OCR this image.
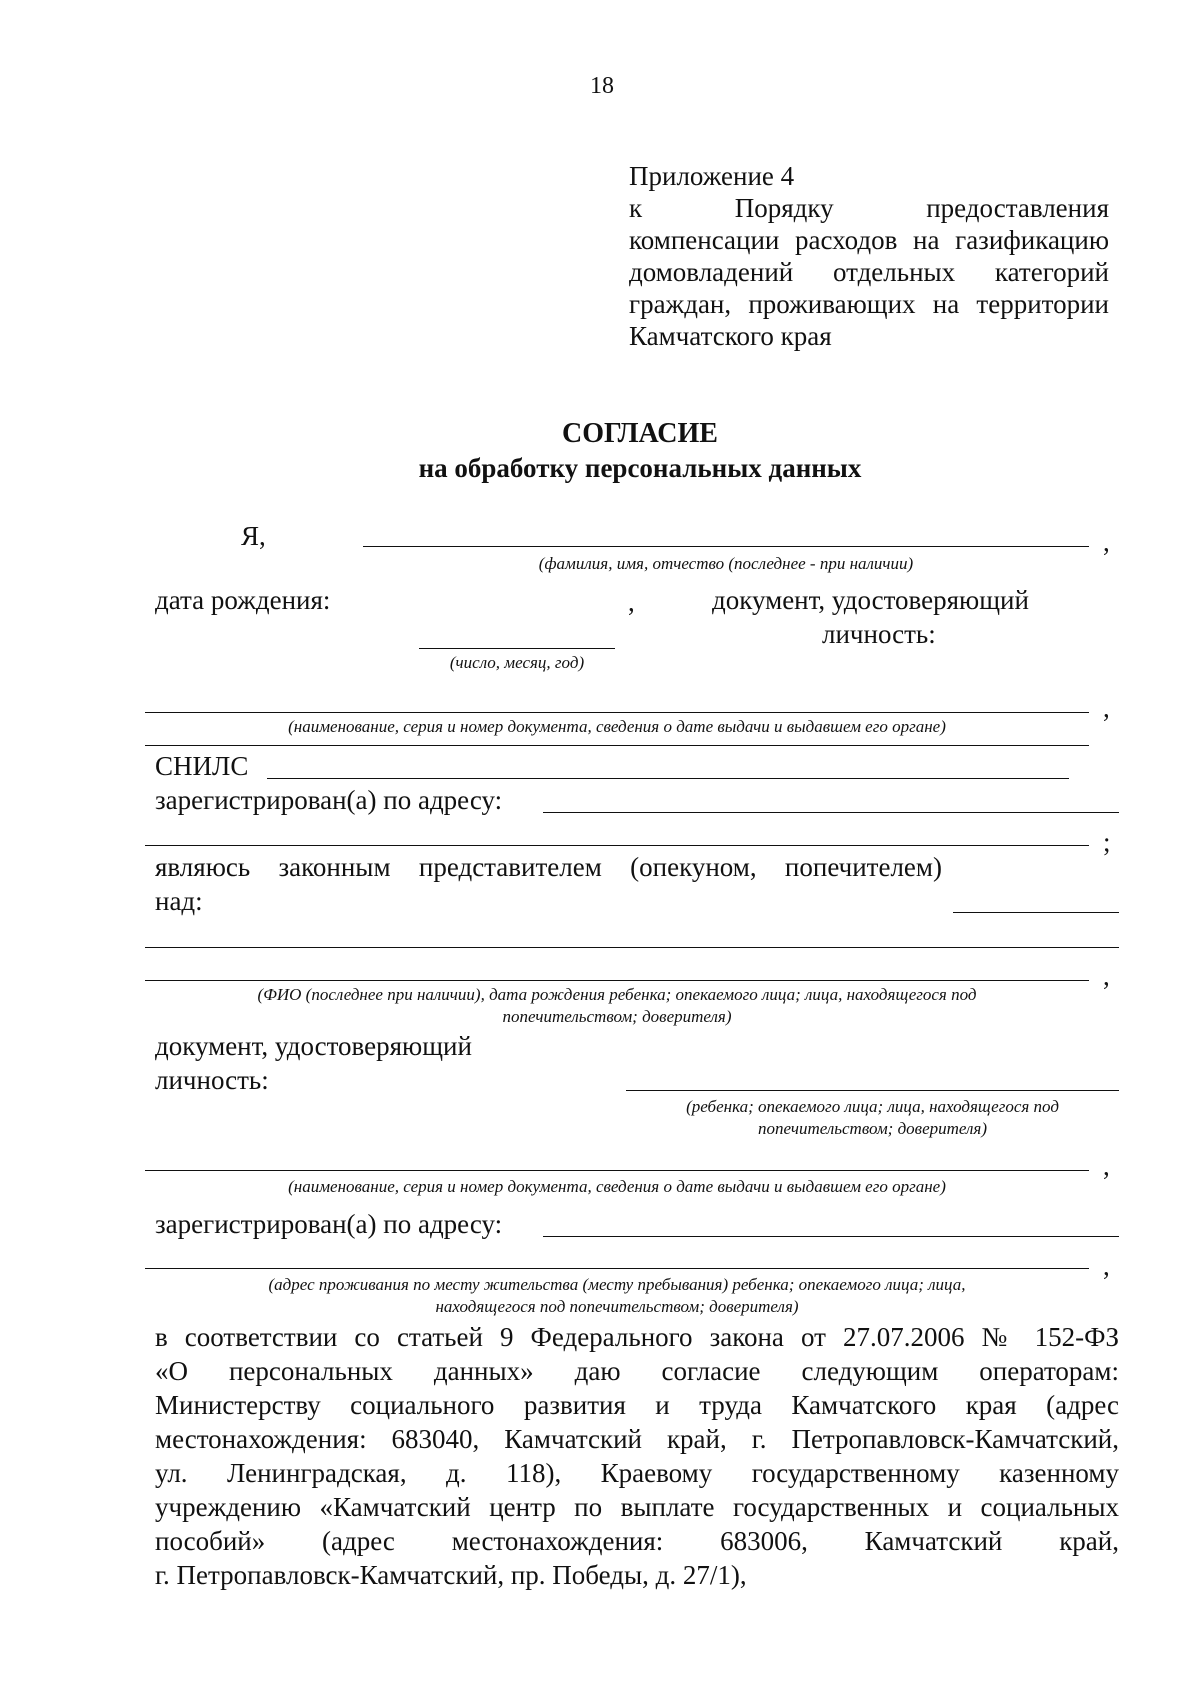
18
Приложение 4
к	Порядку	предоставления
компенсации расходов на газификацию
домовладений отдельных категорий
граждан, проживающих на территории
Камчатского края
СОГЛАСИЕ
на обработку персональных данных
Я,	,
(фамилия, имя, отчество (последнее - при наличии)
дата рождения:	,	документ, удостоверяющий
личность:
(число, месяц, год)
,
(наименование, серия и номер документа, сведения о дате выдачи и выдавшем его органе)
СНИЛС
зарегистрирован(а) по адресу:
;
являюсь законным представителем (опекуном, попечителем)
над:
,
(ФИО (последнее при наличии), дата рождения ребенка; опекаемого лица; лица, находящегося под
попечительством; доверителя)
документ, удостоверяющий
личность:
(ребенка; опекаемого лица; лица, находящегося под
попечительством; доверителя)
,
(наименование, серия и номер документа, сведения о дате выдачи и выдавшем его органе)
зарегистрирован(а) по адресу:
,
(адрес проживания по месту жительства (месту пребывания) ребенка; опекаемого лица; лица,
находящегося под попечительством; доверителя)
в соответствии со статьей 9 Федерального закона от 27.07.2006 № 152-ФЗ
«О персональных данных» даю согласие следующим операторам:
Министерству социального развития и труда Камчатского края (адрес
местонахождения: 683040, Камчатский край, г. Петропавловск-Камчатский,
ул. Ленинградская, д. 118), Краевому государственному казенному
учреждению «Камчатский центр по выплате государственных и социальных
пособий» (адрес местонахождения: 683006, Камчатский край,
г. Петропавловск-Камчатский, пр. Победы, д. 27/1),
